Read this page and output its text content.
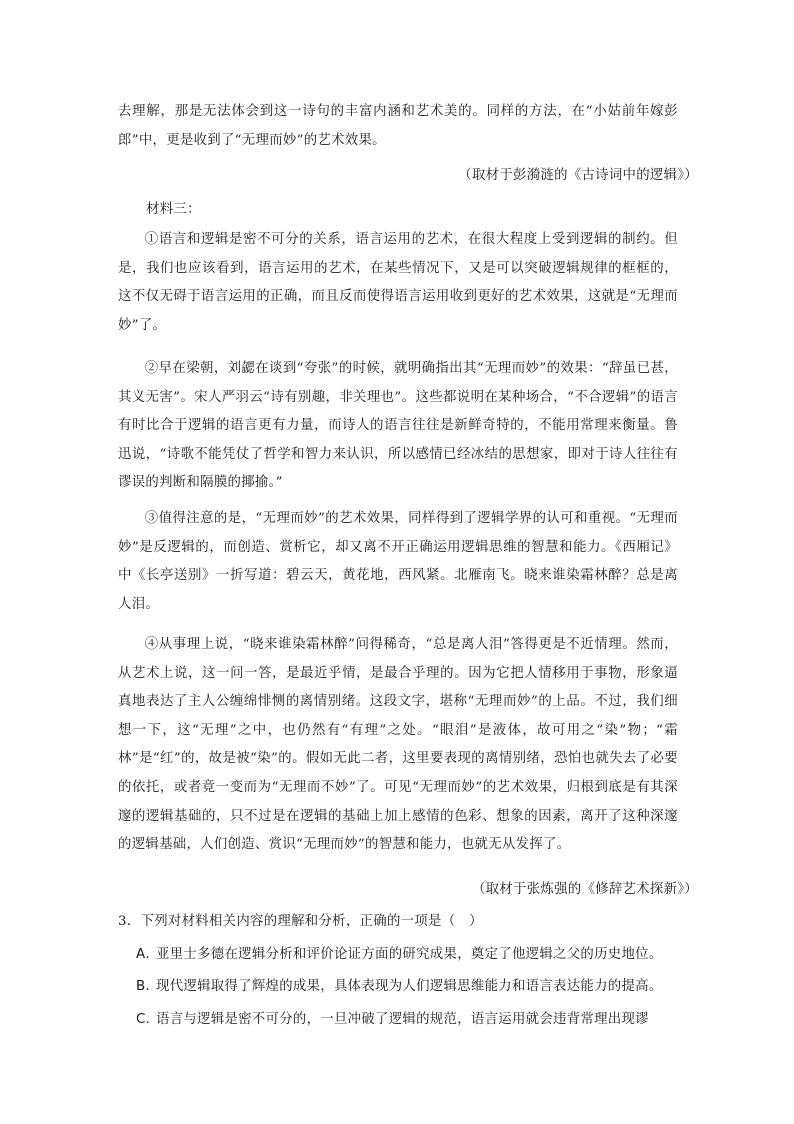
去理解，那是无法体会到这一诗句的丰富内涵和艺术美的。同样的方法，在“小姑前年嫁彭郎”中，更是收到了“无理而妙”的艺术效果。
（取材于彭漪涟的《古诗词中的逻辑》）
材料三：
①语言和逻辑是密不可分的关系，语言运用的艺术，在很大程度上受到逻辑的制约。但是，我们也应该看到，语言运用的艺术，在某些情况下，又是可以突破逻辑规律的框框的，这不仅无碍于语言运用的正确，而且反而使得语言运用收到更好的艺术效果，这就是“无理而妙”了。
②早在梁朝，刘勰在谈到“夸张”的时候，就明确指出其“无理而妙”的效果：“辞虽已甚，其义无害”。宋人严羽云“诗有别趣，非关理也”。这些都说明在某种场合，“不合逻辑”的语言有时比合于逻辑的语言更有力量，而诗人的语言往往是新鲜奇特的，不能用常理来衡量。鲁迅说，“诗歌不能凭仗了哲学和智力来认识，所以感情已经冰结的思想家，即对于诗人往往有谬误的判断和隔膜的揶揄。”
③值得注意的是，“无理而妙”的艺术效果，同样得到了逻辑学界的认可和重视。“无理而妙”是反逻辑的，而创造、赏析它，却又离不开正确运用逻辑思维的智慧和能力。《西厢记》中《长亭送别》一折写道：碧云天，黄花地，西风紧。北雁南飞。晓来谁染霜林醉？总是离人泪。
④从事理上说，“晓来谁染霜林醉”问得稀奇，“总是离人泪”答得更是不近情理。然而，从艺术上说，这一问一答，是最近乎情，是最合乎理的。因为它把人情移用于事物，形象逼真地表达了主人公缠绵悱恻的离情别绪。这段文字，堪称“无理而妙”的上品。不过，我们细想一下，这“无理”之中，也仍然有“有理”之处。“眼泪”是液体，故可用之“染”物；“霜林”是“红”的，故是被“染”的。假如无此二者，这里要表现的离情别绪，恐怕也就失去了必要的依托，或者竟一变而为“无理而不妙”了。可见“无理而妙”的艺术效果，归根到底是有其深邃的逻辑基础的，只不过是在逻辑的基础上加上感情的色彩、想象的因素，离开了这种深邃的逻辑基础，人们创造、赏识“无理而妙”的智慧和能力，也就无从发挥了。
（取材于张炼强的《修辞艺术探新》）
3．下列对材料相关内容的理解和分析，正确的一项是（　）
A．亚里士多德在逻辑分析和评价论证方面的研究成果，奠定了他逻辑之父的历史地位。
B．现代逻辑取得了辉煌的成果，具体表现为人们逻辑思维能力和语言表达能力的提高。
C．语言与逻辑是密不可分的，一旦冲破了逻辑的规范，语言运用就会违背常理出现谬
